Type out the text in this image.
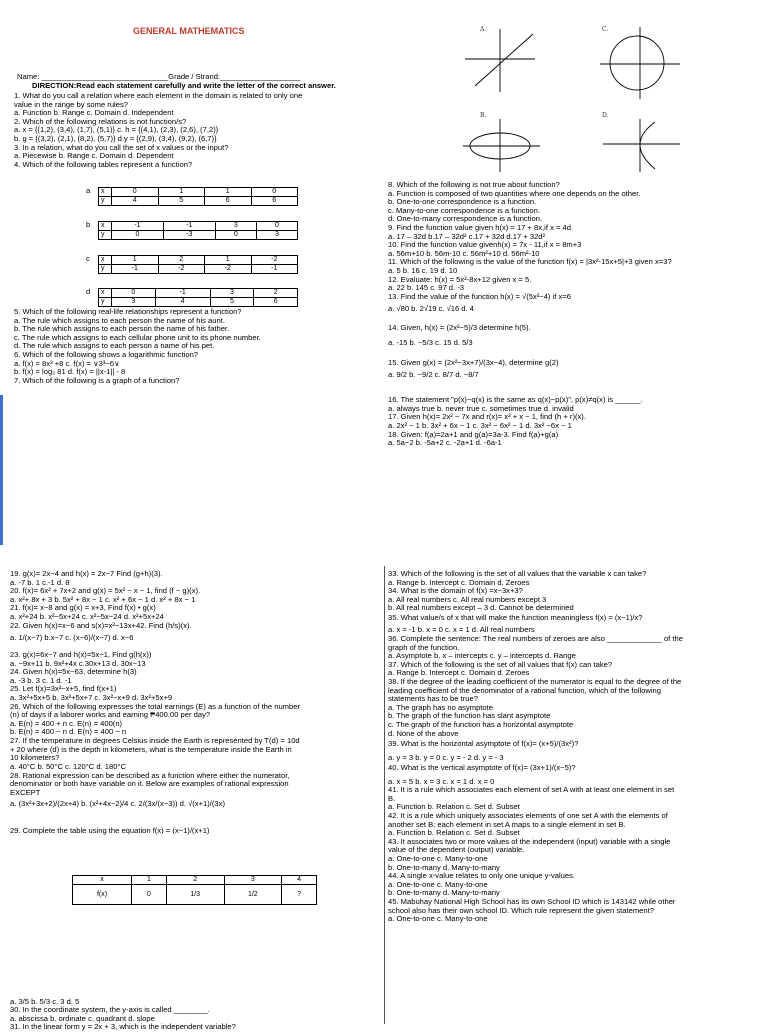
GENERAL MATHEMATICS
Name: ______________________________Grade / Strand:___________________
DIRECTION:Read each statement carefully and write the letter of the correct answer.
1. What do you call a relation where each element in the domain is related to only one
value in the range by some rules?
a. Function b. Range c. Domain d. Independent
2. Which of the following relations is not function/s?
a. x = {(1,2), (3,4), (1,7), (5,1)} c. h = {(4,1), (2,3), (2,6), (7,2)}
b. g = {(3,2), (2,1), (8,2), (5,7)} d.y = {(2,9), (3,4), (9,2), (6,7)}
3. In a relation, what do you call the set of x values or the input?
a. Piecewise b. Range c. Domain d. Dependent
4. Which of the following tables represent a function?
a x	0	1	1	0
y	4	5	6	6
b x	-1	-1	3	0
y	0	-3	0	3
c x	1	2	1	-2
y	-1	-2	-2	-1
d x	0	-1	3	2
y	3	4	5	6
5. Which of the following real-life relationships represent a function?
a. The rule which assigns to each person the name of his aunt.
b. The rule which assigns to each person the name of his father.
c. The rule which assigns to each cellular phone unit to its phone number.
d. The rule which assigns to each person a name of his pet.
6. Which of the following shows a logarithmic function?
a. f(x) = 8x³ +8 c. f(x) = ∨3³−6∨
b. f(x) = log₂ 81 d. f(x) = ||x-1|| - 8
7. Which of the following is a graph of a function?
A.	C.
B.	D.
8. Which of the following is not true about function?
a. Function is composed of two quantities where one depends on the other.
b. One-to-one correspondence is a function.
c. Many-to-one correspondence is a function.
d. One-to-many correspondence is a function.
9. Find the function value given h(x) = 17 + 8x,if x = 4d.
a. 17 – 32d b.17 – 32d² c.17 + 32d d.17 + 32d²
10. Find the function value givenh(x) = 7x - 11,if x = 8m+3
a. 56m+10 b. 56m-10 c. 56m²+10 d. 56m²-10
11. Which of the following is the value of the function f(x) = |3x²-15x+5|+3 given x=3?
a. 5 b. 16 c. 19 d. 10
12. Evaluate: h(x) = 5x²-8x+12 given x = 5.
a. 22 b. 145 c. 97 d. -3
13. Find the value of the function h(x) = √(5x²−4) if x=6
a. √80 b. 2√19 c. √16 d. 4
14. Given, h(x) = (2x²−5)/3 determine h(5).
a. -15 b. −5/3 c. 15 d. 5/3
15. Given g(x) = (2x²−3x+7)/(3x−4), determine g(2)
a. 9/2 b. −9/2 c. 8/7 d. −8/7
16. The statement "p(x)−q(x) is the same as q(x)−p(x)", p(x)≠q(x) is ______.
a. always true b. never true c. sometimes true d. invalid
17. Given h(x)= 2x² − 7x and r(x)= x² + x − 1, find (h + r)(x).
a. 2x² − 1 b. 3x² + 6x − 1 c. 3x² − 6x² − 1 d. 3x² −6x − 1
18. Given: f(a)=2a+1 and g(a)=3a-3. Find f(a)+g(a)
a. 5a−2 b. -5a+2 c. -2a+1 d. -6a-1
19. g(x)= 2x−4 and h(x) = 2x−7 Find (g+h)(3).
a. -7 b. 1 c.-1 d. 8
20. f(x)= 6x² + 7x+2 and g(x) = 5x² − x − 1, find (f − g)(x).
a. x²+ 8x + 3 b. 5x² + 8x − 1 c. x² + 6x − 1 d. x² + 8x − 1
21. f(x)= x−8 and g(x) = x+3, Find f(x) • g(x)
a. x²+24 b. x²−5x+24 c. x²−5x−24 d. x²+5x+24
22. Given h(x)=x−6 and s(x)=x²−13x+42. Find (h/s)(x).
a. 1/(x−7) b.x−7 c. (x−6)/(x−7) d. x−6
23. g(x)=6x−7 and h(x)=5x−1, Find g(h(x))
a. −9x+11 b. 9x²+4x c.30x+13 d. 30x−13
24. Given h(x)=5x−63, determine h(3)
a. -3 b. 3 c. 1 d. -1
25. Let f(x)=3x²−x+5, find f(x+1)
a. 3x²+5x+5 b. 3x²+5x+7 c. 3x²−x+9 d. 3x²+5x+9
26. Which of the following expresses the total earnings (E) as a function of the number
(n) of days if a laborer works and earning ₱400.00 per day?
a. E(n) = 400 + n c. E(n) = 400(n)
b. E(n) = 400 − n d. E(n) = 400 − n
27. If the temperature in degrees Celsius inside the Earth is represented by T(d) = 10d
+ 20 where (d) is the depth in kilometers, what is the temperature inside the Earth in
10 kilometers?
a. 40°C b. 50°C c. 120°C d. 180°C
28. Rational expression can be described as a function where either the numerator,
denominator or both have variable on it. Below are examples of rational expression
EXCEPT
a. (3x²+3x+2)/(2x+4) b. (x²+4x−2)/4 c. 2/(3x/(x−3)) d. √(x+1)/(3x)
29. Complete the table using the equation f(x) = (x−1)/(x+1)
x	1	2	3	4
f(x)	0	1/3	1/2	?
a. 3/5 b. 5/3 c. 3 d. 5
30. In the coordinate system, the y-axis is called ________.
a. abscissa b. ordinate c. quadrant d. slope
31. In the linear form y = 2x + 3, which is the independent variable?
33. Which of the following is the set of all values that the variable x can take?
a. Range b. Intercept c. Domain d. Zeroes
34. What is the domain of f(x) =x−3x+3?
a. All real numbers c. All real numbers except 3
b. All real numbers except – 3 d. Cannot be determined
35. What value/s of x that will make the function meaningless f(x) = (x−1)/x?
a. x = -1 b. x = 0 c. x = 1 d. All real numbers
36. Complete the sentence: The real numbers of zeroes are also _____________ of the
graph of the function.
a. Asymptote b. x – intercepts c. y – intercepts d. Range
37. Which of the following is the set of all values that f(x) can take?
a. Range b. Intercept c. Domain d. Zeroes
38. If the degree of the leading coefficient of the numerator is equal to the degree of the
leading coefficient of the denominator of a rational function, which of the following
statements has to be true?
a. The graph has no asymptote
b. The graph of the function has slant asymptote
c. The graph of the function has a horizontal asymptote
d. None of the above
39. What is the horizontal asymptote of f(x)= (x+5)/(3x²)?
a. y = 3 b. y = 0 c. y = - 2 d. y = - 3
40. What is the vertical asymptote of f(x)= (3x+1)/(x−5)?
a. x = 5 b. x = 3 c. x = 1 d. x = 0
41. It is a rule which associates each element of set A with at least one element in set
B.
a. Function b. Relation c. Set d. Subset
42. It is a rule which uniquely associates elements of one set A with the elements of
another set B; each element in set A maps to a single element in set B.
a. Function b. Relation c. Set d. Subset
43. It associates two or more values of the independent (input) variable with a single
value of the dependent (output) variable.
a. One-to-one c. Many-to-one
b. One-to-many d. Many-to-many
44. A single x-value relates to only one unique y-values.
a. One-to-one c. Many-to-one
b. One-to-many d. Many-to-many
45. Mabuhay National High School has its own School ID which is 143142 while other
school also has their own school ID. Which rule represent the given statement?
a. One-to-one c. Many-to-one
